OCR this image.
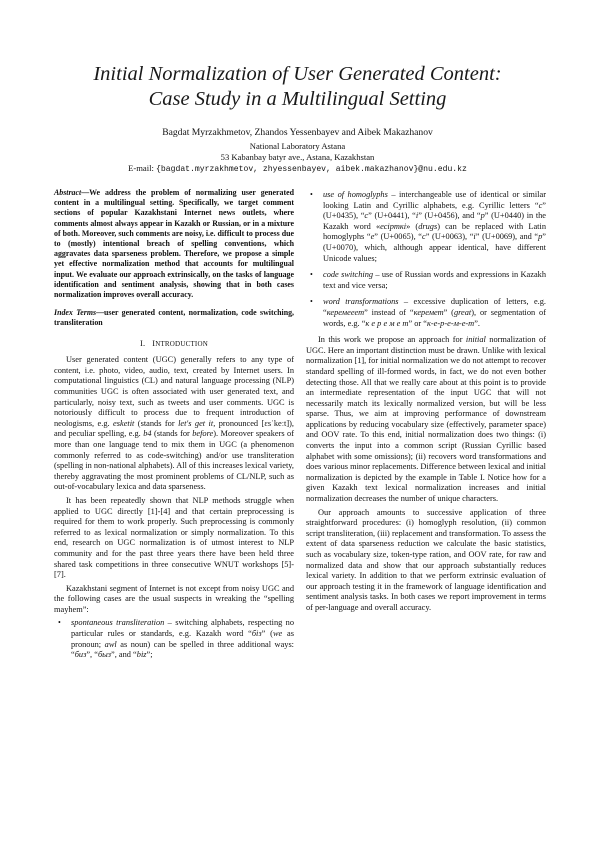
Initial Normalization of User Generated Content:
Case Study in a Multilingual Setting
Bagdat Myrzakhmetov, Zhandos Yessenbayev and Aibek Makazhanov
National Laboratory Astana
53 Kabanbay batyr ave., Astana, Kazakhstan
E-mail: {bagdat.myrzakhmetov, zhyessenbayev, aibek.makazhanov}@nu.edu.kz
Abstract—We address the problem of normalizing user generated content in a multilingual setting. Specifically, we target comment sections of popular Kazakhstani Internet news outlets, where comments almost always appear in Kazakh or Russian, or in a mixture of both. Moreover, such comments are noisy, i.e. difficult to process due to (mostly) intentional breach of spelling conventions, which aggravates data sparseness problem. Therefore, we propose a simple yet effective normalization method that accounts for multilingual input. We evaluate our approach extrinsically, on the tasks of language identification and sentiment analysis, showing that in both cases normalization improves overall accuracy.
Index Terms—user generated content, normalization, code switching, transliteration
I. INTRODUCTION

User generated content (UGC) generally refers to any type of content, i.e. photo, video, audio, text, created by Internet users. In computational linguistics (CL) and natural language processing (NLP) communities UGC is often associated with user generated text, and particularly, noisy text, such as tweets and user comments. UGC is notoriously difficult to process due to frequent introduction of neologisms, e.g. esketit (stands for let's get it, pronounced [ɛsˈkeːt]), and peculiar spelling, e.g. b4 (stands for before). Moreover speakers of more than one language tend to mix them in UGC (a phenomenon commonly referred to as code-switching) and/or use transliteration (spelling in non-national alphabets). All of this increases lexical variety, thereby aggravating the most prominent problems of CL/NLP, such as out-of-vocabulary lexica and data sparseness.

It has been repeatedly shown that NLP methods struggle when applied to UGC directly [1]-[4] and that certain preprocessing is required for them to work properly. Such preprocessing is commonly referred to as lexical normalization or simply normalization. To this end, research on UGC normalization is of utmost interest to NLP community and for the past three years there have been held three shared task competitions in three consecutive WNUT workshops [5]-[7].

Kazakhstani segment of Internet is not except from noisy UGC and the following cases are the usual suspects in wreaking the “spelling mayhem”:

• spontaneous transliteration – switching alphabets, respecting no particular rules or standards, e.g. Kazakh word “біз” (we as pronoun; awl as noun) can be spelled in three additional ways: “биз”, “быз”, and “biz”;
• use of homoglyphs – interchangeable use of identical or similar looking Latin and Cyrillic alphabets, e.g. Cyrillic letters “с” (U+0435), “с” (U+0441), “і” (U+0456), and “р” (U+0440) in the Kazakh word «есірткі» (drugs) can be replaced with Latin homoglyphs “e” (U+0065), “c” (U+0063), “i” (U+0069), and “p” (U+0070), which, although appear identical, have different Unicode values;
• code switching – use of Russian words and expressions in Kazakh text and vice versa;
• word transformations – excessive duplication of letters, e.g. “керемееет” instead of “керемет” (great), or segmentation of words, e.g. “к е р е м е т” or “к-е-р-е-м-е-т”.

In this work we propose an approach for initial normalization of UGC. Here an important distinction must be drawn. Unlike with lexical normalization [1], for initial normalization we do not attempt to recover standard spelling of ill-formed words, in fact, we do not even bother detecting those. All that we really care about at this point is to provide an intermediate representation of the input UGC that will not necessarily match its lexically normalized version, but will be less sparse. Thus, we aim at improving performance of downstream applications by reducing vocabulary size (effectively, parameter space) and OOV rate. To this end, initial normalization does two things: (i) converts the input into a common script (Russian Cyrillic based alphabet with some omissions); (ii) recovers word transformations and does various minor replacements. Difference between lexical and initial normalization is depicted by the example in Table I. Notice how for a given Kazakh text lexical normalization increases and initial normalization decreases the number of unique characters.

Our approach amounts to successive application of three straightforward procedures: (i) homoglyph resolution, (ii) common script transliteration, (iii) replacement and transformation. To assess the extent of data sparseness reduction we calculate the basic statistics, such as vocabulary size, token-type ration, and OOV rate, for raw and normalized data and show that our approach substantially reduces lexical variety. In addition to that we perform extrinsic evaluation of our approach testing it in the framework of language identification and sentiment analysis tasks. In both cases we report improvement in terms of per-language and overall accuracy.
